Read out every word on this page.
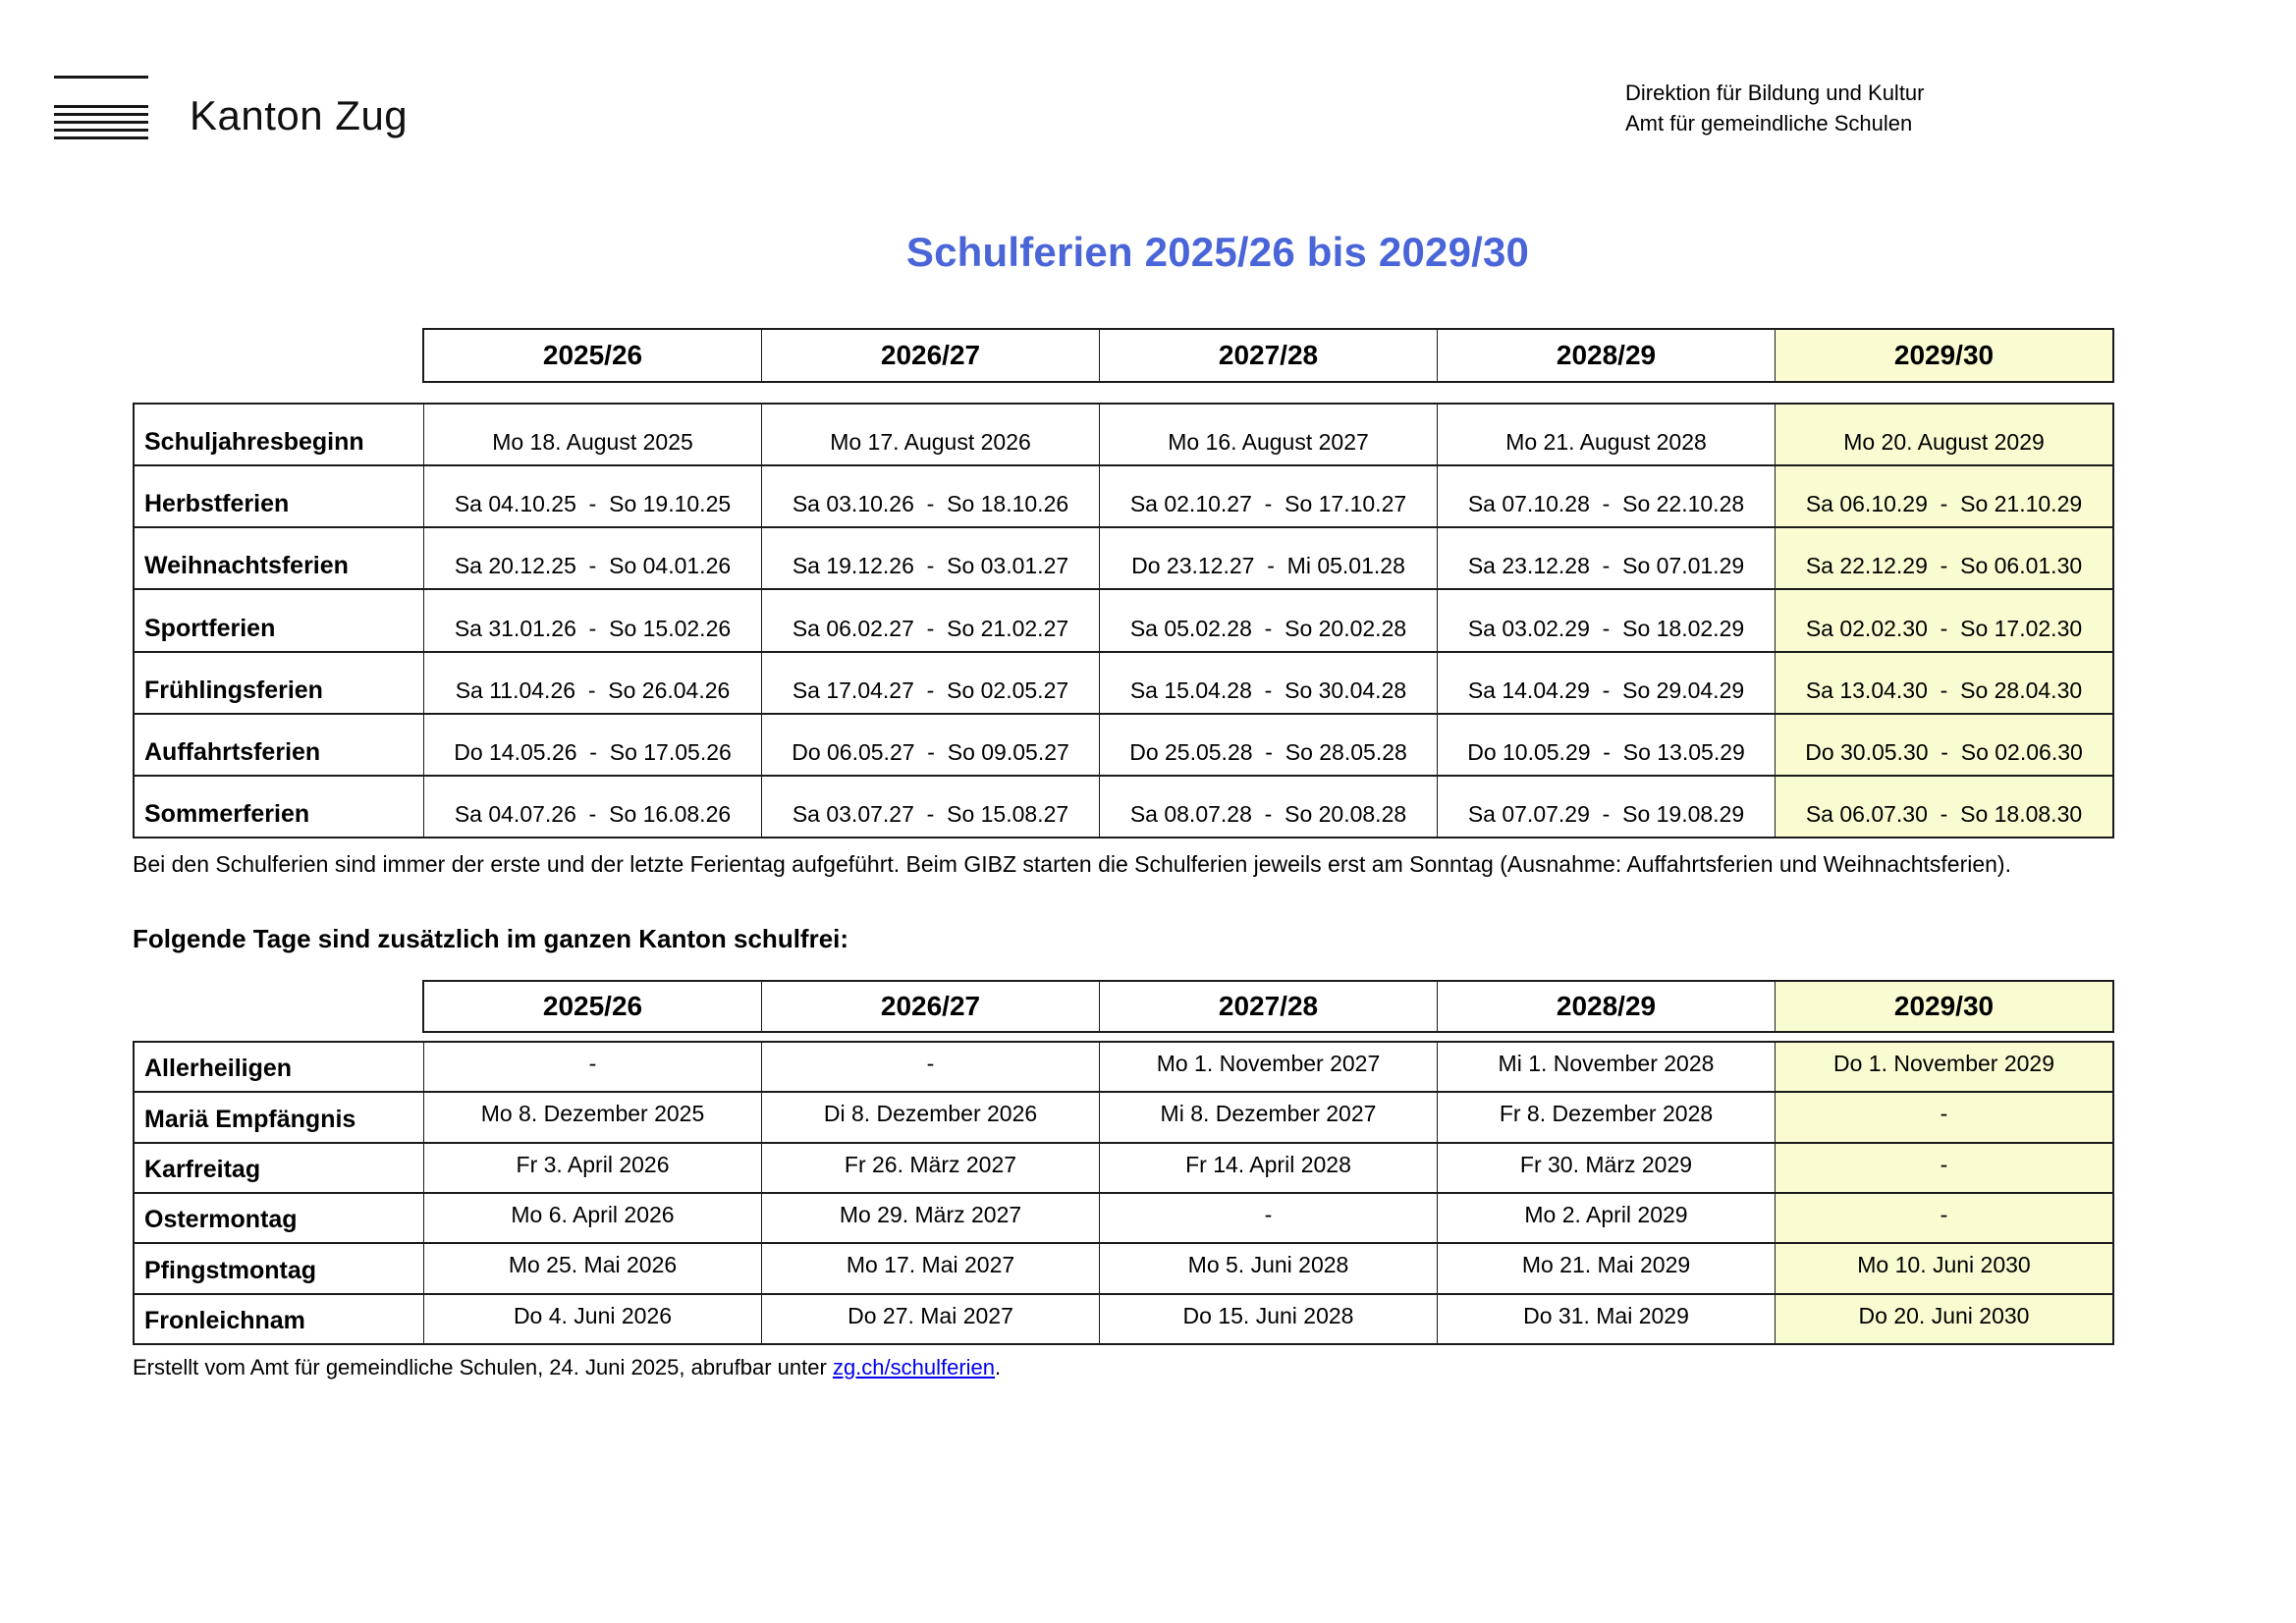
Kanton Zug	Direktion für Bildung und Kultur
Amt für gemeindliche Schulen
Schulferien 2025/26 bis 2029/30
2025/26	2026/27	2027/28	2028/29	2029/30
Schuljahresbeginn	Mo 18. August 2025	Mo 17. August 2026	Mo 16. August 2027	Mo 21. August 2028	Mo 20. August 2029
Herbstferien	Sa 04.10.25  -  So 19.10.25	Sa 03.10.26  -  So 18.10.26	Sa 02.10.27  -  So 17.10.27	Sa 07.10.28  -  So 22.10.28	Sa 06.10.29  -  So 21.10.29
Weihnachtsferien	Sa 20.12.25  -  So 04.01.26	Sa 19.12.26  -  So 03.01.27	Do 23.12.27  -  Mi 05.01.28	Sa 23.12.28  -  So 07.01.29	Sa 22.12.29  -  So 06.01.30
Sportferien	Sa 31.01.26  -  So 15.02.26	Sa 06.02.27  -  So 21.02.27	Sa 05.02.28  -  So 20.02.28	Sa 03.02.29  -  So 18.02.29	Sa 02.02.30  -  So 17.02.30
Frühlingsferien	Sa 11.04.26  -  So 26.04.26	Sa 17.04.27  -  So 02.05.27	Sa 15.04.28  -  So 30.04.28	Sa 14.04.29  -  So 29.04.29	Sa 13.04.30  -  So 28.04.30
Auffahrtsferien	Do 14.05.26  -  So 17.05.26	Do 06.05.27  -  So 09.05.27	Do 25.05.28  -  So 28.05.28	Do 10.05.29  -  So 13.05.29	Do 30.05.30  -  So 02.06.30
Sommerferien	Sa 04.07.26  -  So 16.08.26	Sa 03.07.27  -  So 15.08.27	Sa 08.07.28  -  So 20.08.28	Sa 07.07.29  -  So 19.08.29	Sa 06.07.30  -  So 18.08.30
Bei den Schulferien sind immer der erste und der letzte Ferientag aufgeführt. Beim GIBZ starten die Schulferien jeweils erst am Sonntag (Ausnahme: Auffahrtsferien und Weihnachtsferien).
Folgende Tage sind zusätzlich im ganzen Kanton schulfrei:
2025/26	2026/27	2027/28	2028/29	2029/30
Allerheiligen	-	-	Mo 1. November 2027	Mi 1. November 2028	Do 1. November 2029
Mariä Empfängnis	Mo 8. Dezember 2025	Di 8. Dezember 2026	Mi 8. Dezember 2027	Fr 8. Dezember 2028	-
Karfreitag	Fr 3. April 2026	Fr 26. März 2027	Fr 14. April 2028	Fr 30. März 2029	-
Ostermontag	Mo 6. April 2026	Mo 29. März 2027	-	Mo 2. April 2029	-
Pfingstmontag	Mo 25. Mai 2026	Mo 17. Mai 2027	Mo 5. Juni 2028	Mo 21. Mai 2029	Mo 10. Juni 2030
Fronleichnam	Do 4. Juni 2026	Do 27. Mai 2027	Do 15. Juni 2028	Do 31. Mai 2029	Do 20. Juni 2030
Erstellt vom Amt für gemeindliche Schulen, 24. Juni 2025, abrufbar unter zg.ch/schulferien.
